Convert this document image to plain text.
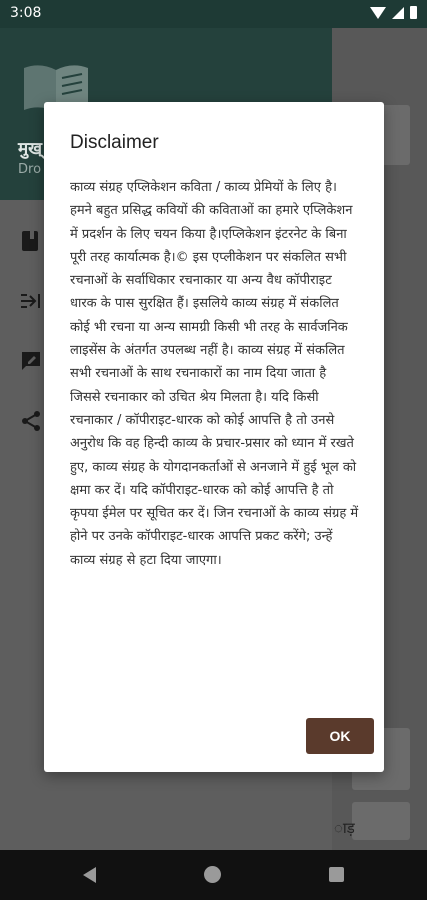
3:08
मुख्
Dro
ाड़
Disclaimer
काव्य संग्रह एप्लिकेशन कविता / काव्य प्रेमियों के लिए है। हमने बहुत प्रसिद्ध कवियों की कविताओं का हमारे एप्लिकेशन में प्रदर्शन के लिए चयन किया है।एप्लिकेशन इंटरनेट के बिना पूरी तरह कार्यात्मक है।© इस एप्लीकेशन पर संकलित सभी रचनाओं के सर्वाधिकार रचनाकार या अन्य वैध कॉपीराइट धारक के पास सुरक्षित हैं। इसलिये काव्य संग्रह में संकलित कोई भी रचना या अन्य सामग्री किसी भी तरह के सार्वजनिक लाइसेंस के अंतर्गत उपलब्ध नहीं है। काव्य संग्रह में संकलित सभी रचनाओं के साथ रचनाकारों का नाम दिया जाता है जिससे रचनाकार को उचित श्रेय मिलता है। यदि किसी रचनाकार / कॉपीराइट-धारक को कोई आपत्ति है तो उनसे अनुरोध कि वह हिन्दी काव्य के प्रचार-प्रसार को ध्यान में रखते हुए, काव्य संग्रह के योगदानकर्ताओं से अनजाने में हुई भूल को क्षमा कर दें। यदि कॉपीराइट-धारक को कोई आपत्ति है तो कृपया ईमेल पर सूचित कर दें। जिन रचनाओं के काव्य संग्रह में होने पर उनके कॉपीराइट-धारक आपत्ति प्रकट करेंगे; उन्हें काव्य संग्रह से हटा दिया जाएगा।
OK
